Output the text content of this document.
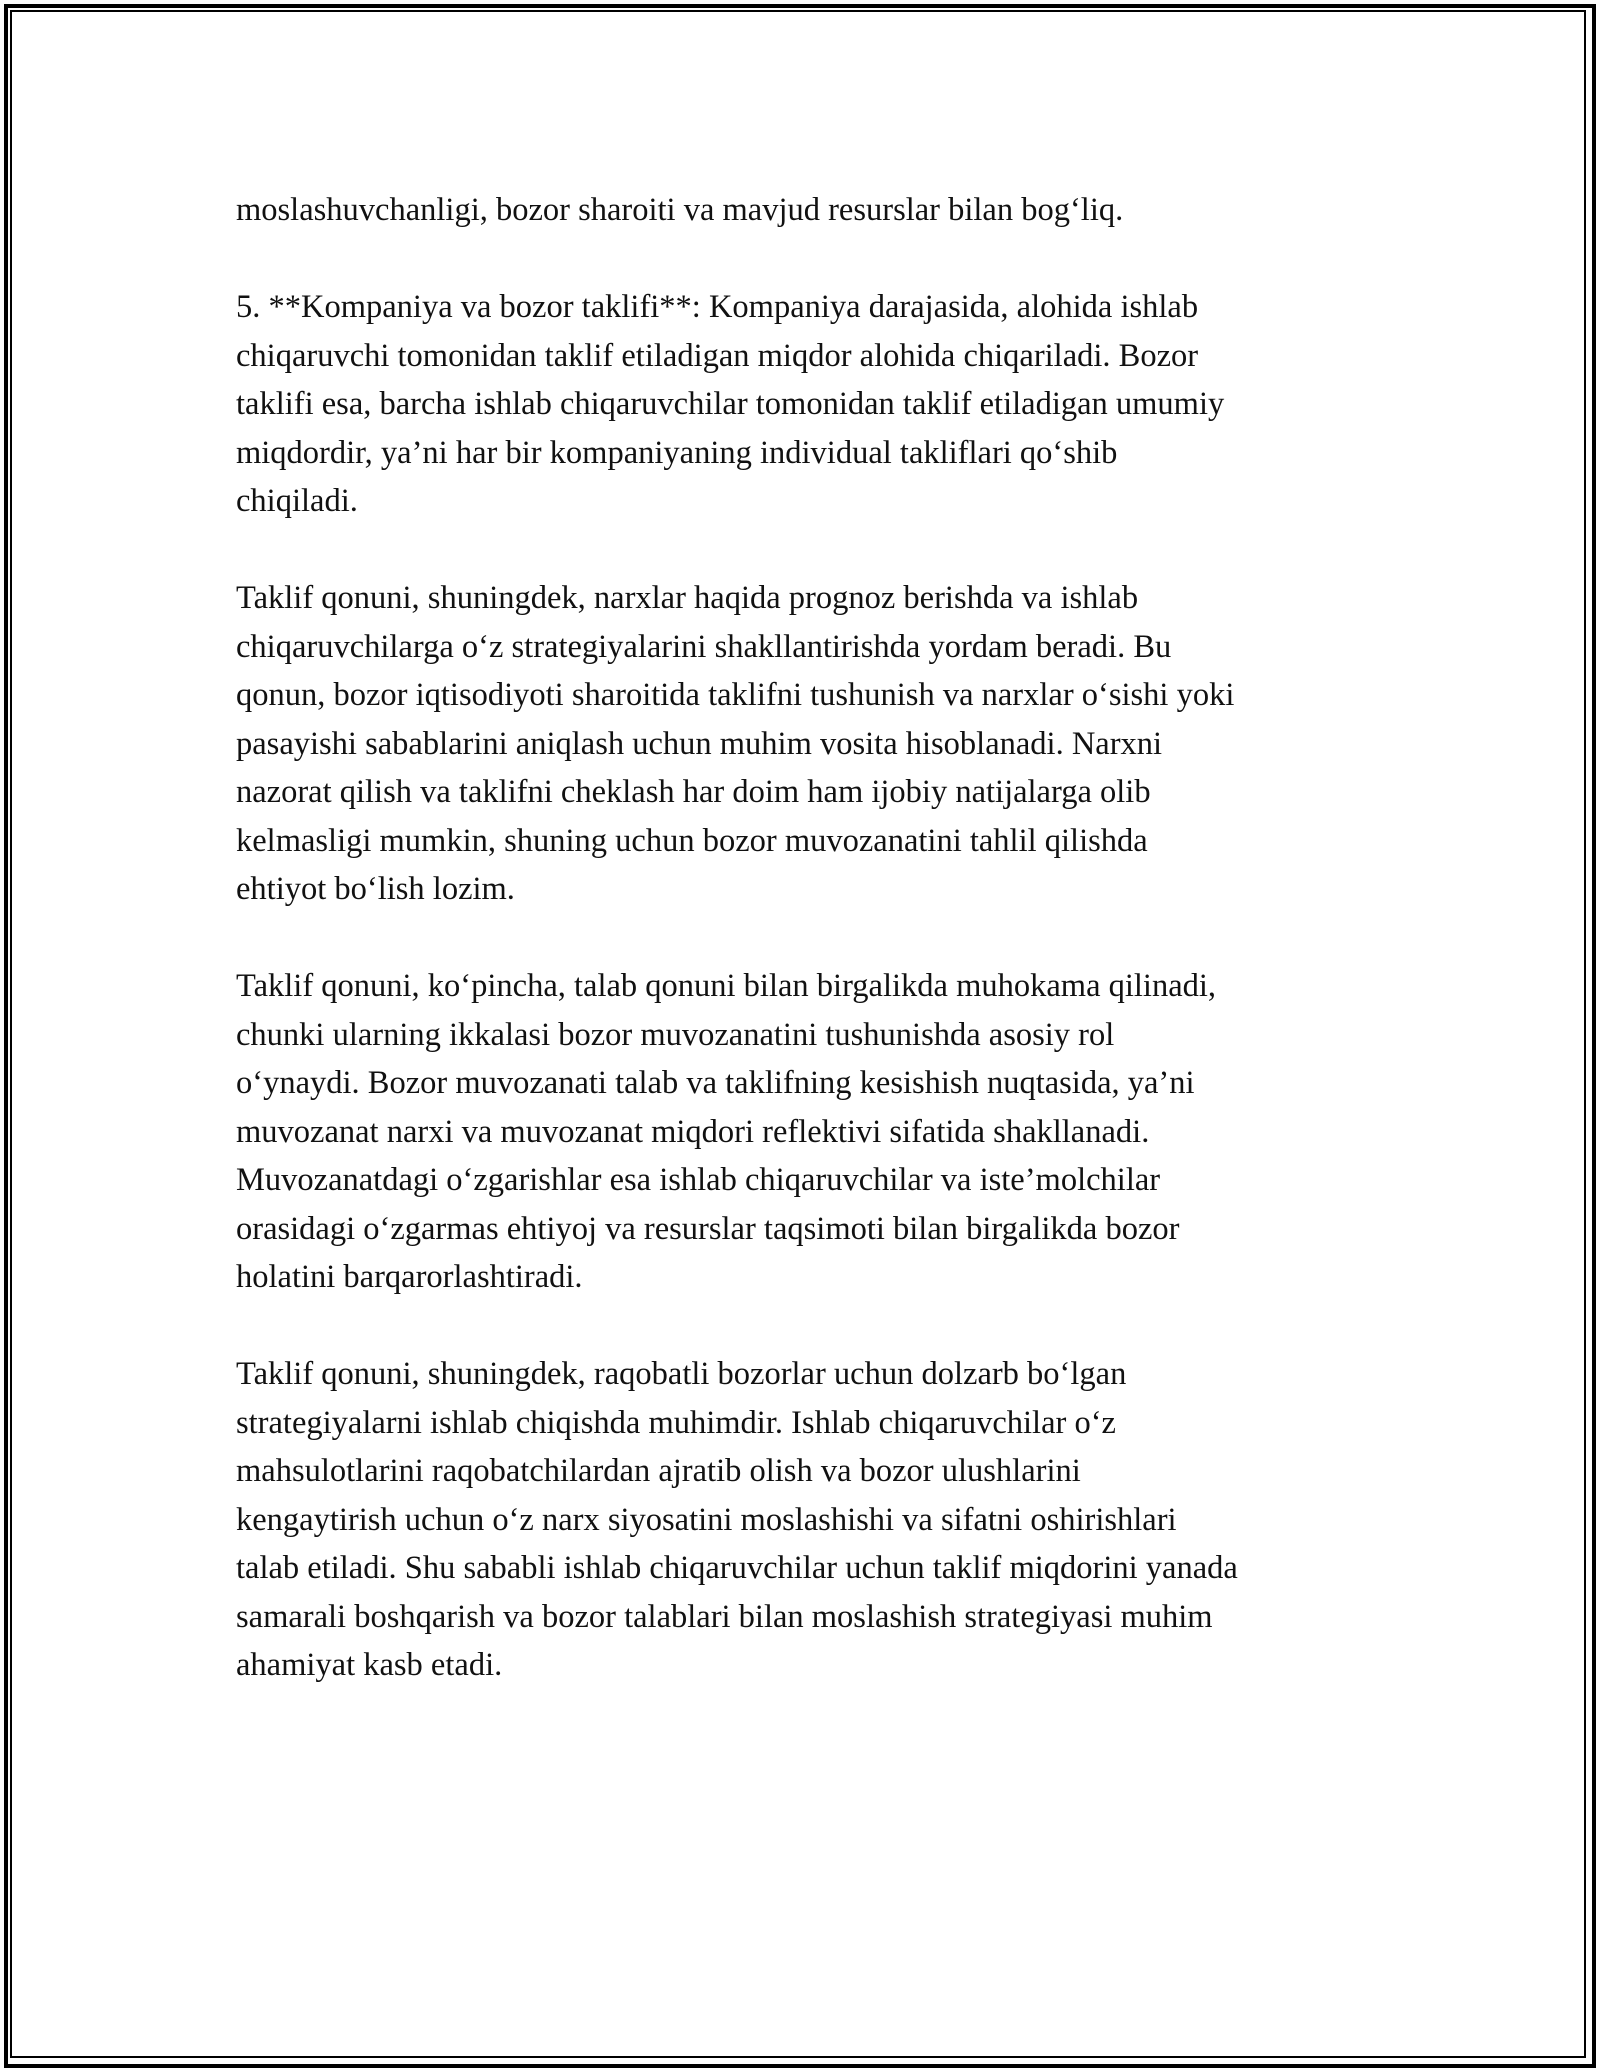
moslashuvchanligi, bozor sharoiti va mavjud resurslar bilan bog‘liq.

5. **Kompaniya va bozor taklifi**: Kompaniya darajasida, alohida ishlab
chiqaruvchi tomonidan taklif etiladigan miqdor alohida chiqariladi. Bozor
taklifi esa, barcha ishlab chiqaruvchilar tomonidan taklif etiladigan umumiy
miqdordir, ya’ni har bir kompaniyaning individual takliflari qo‘shib
chiqiladi.

Taklif qonuni, shuningdek, narxlar haqida prognoz berishda va ishlab
chiqaruvchilarga o‘z strategiyalarini shakllantirishda yordam beradi. Bu
qonun, bozor iqtisodiyoti sharoitida taklifni tushunish va narxlar o‘sishi yoki
pasayishi sabablarini aniqlash uchun muhim vosita hisoblanadi. Narxni
nazorat qilish va taklifni cheklash har doim ham ijobiy natijalarga olib
kelmasligi mumkin, shuning uchun bozor muvozanatini tahlil qilishda
ehtiyot bo‘lish lozim.

Taklif qonuni, ko‘pincha, talab qonuni bilan birgalikda muhokama qilinadi,
chunki ularning ikkalasi bozor muvozanatini tushunishda asosiy rol
o‘ynaydi. Bozor muvozanati talab va taklifning kesishish nuqtasida, ya’ni
muvozanat narxi va muvozanat miqdori reflektivi sifatida shakllanadi.
Muvozanatdagi o‘zgarishlar esa ishlab chiqaruvchilar va iste’molchilar
orasidagi o‘zgarmas ehtiyoj va resurslar taqsimoti bilan birgalikda bozor
holatini barqarorlashtiradi.

Taklif qonuni, shuningdek, raqobatli bozorlar uchun dolzarb bo‘lgan
strategiyalarni ishlab chiqishda muhimdir. Ishlab chiqaruvchilar o‘z
mahsulotlarini raqobatchilardan ajratib olish va bozor ulushlarini
kengaytirish uchun o‘z narx siyosatini moslashishi va sifatni oshirishlari
talab etiladi. Shu sababli ishlab chiqaruvchilar uchun taklif miqdorini yanada
samarali boshqarish va bozor talablari bilan moslashish strategiyasi muhim
ahamiyat kasb etadi.
